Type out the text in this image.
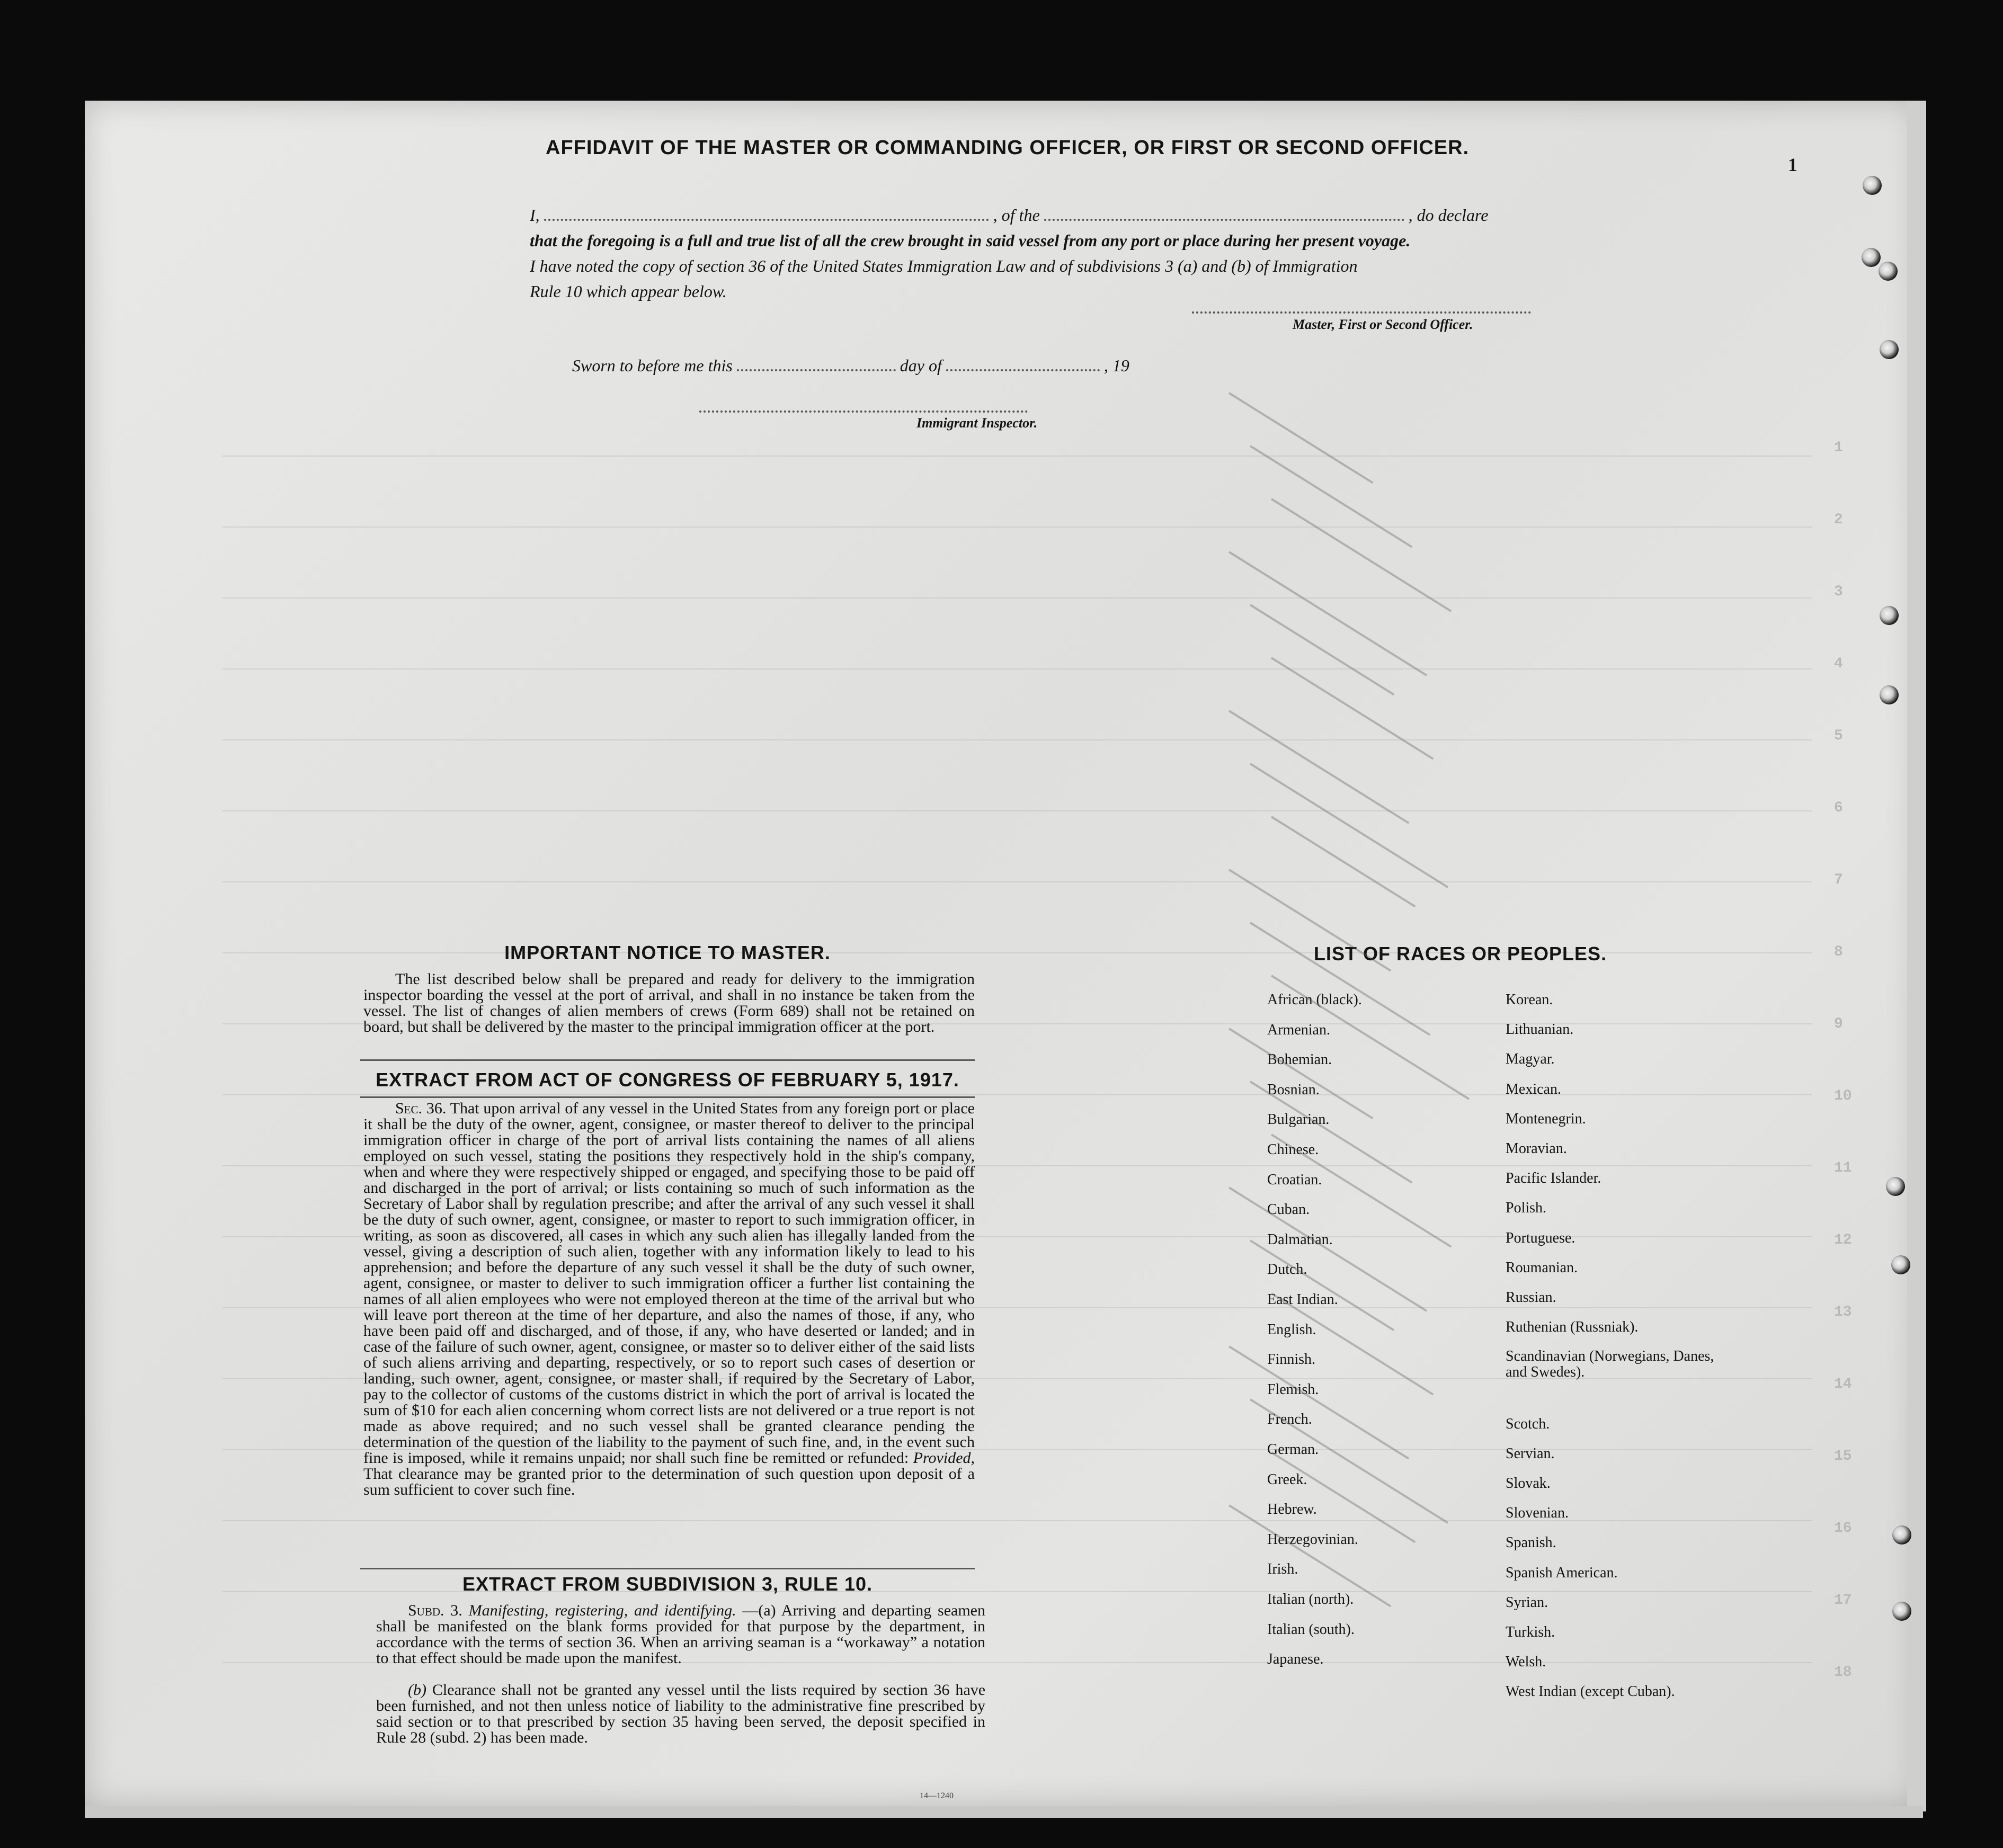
AFFIDAVIT OF THE MASTER OR COMMANDING OFFICER, OR FIRST OR SECOND OFFICER.
I,	, of the	, do declare
that the foregoing is a full and true list of all the crew brought in said vessel from any port or place during her present voyage.
I have noted the copy of section 36 of the United States Immigration Law and of subdivisions 3 (a) and (b) of Immigration
Rule 10 which appear below.
Master, First or Second Officer.
Sworn to before me this	day of	, 19
Immigrant Inspector.
IMPORTANT NOTICE TO MASTER.
The list described below shall be prepared and ready for delivery to the immigration inspector boarding the vessel at the port of arrival, and shall in no instance be taken from the vessel. The list of changes of alien members of crews (Form 689) shall not be retained on board, but shall be delivered by the master to the principal immigration officer at the port.
EXTRACT FROM ACT OF CONGRESS OF FEBRUARY 5, 1917.
Sec. 36. That upon arrival of any vessel in the United States from any foreign port or place it shall be the duty of the owner, agent, consignee, or master thereof to deliver to the principal immigration officer in charge of the port of arrival lists containing the names of all aliens employed on such vessel, stating the positions they respectively hold in the ship's company, when and where they were respectively shipped or engaged, and specifying those to be paid off and discharged in the port of arrival; or lists containing so much of such information as the Secretary of Labor shall by regulation prescribe; and after the arrival of any such vessel it shall be the duty of such owner, agent, consignee, or master to report to such immigration officer, in writing, as soon as discovered, all cases in which any such alien has illegally landed from the vessel, giving a description of such alien, together with any information likely to lead to his apprehension; and before the departure of any such vessel it shall be the duty of such owner, agent, consignee, or master to deliver to such immigration officer a further list containing the names of all alien employees who were not employed thereon at the time of the arrival but who will leave port thereon at the time of her departure, and also the names of those, if any, who have been paid off and discharged, and of those, if any, who have deserted or landed; and in case of the failure of such owner, agent, consignee, or master so to deliver either of the said lists of such aliens arriving and departing, respectively, or so to report such cases of desertion or landing, such owner, agent, consignee, or master shall, if required by the Secretary of Labor, pay to the collector of customs of the customs district in which the port of arrival is located the sum of $10 for each alien concerning whom correct lists are not delivered or a true report is not made as above required; and no such vessel shall be granted clearance pending the determination of the question of the liability to the payment of such fine, and, in the event such fine is imposed, while it remains unpaid; nor shall such fine be remitted or refunded: Provided, That clearance may be granted prior to the determination of such question upon deposit of a sum sufficient to cover such fine.
EXTRACT FROM SUBDIVISION 3, RULE 10.
Subd. 3. Manifesting, registering, and identifying. —(a) Arriving and departing seamen shall be manifested on the blank forms provided for that purpose by the department, in accordance with the terms of section 36. When an arriving seaman is a “workaway” a notation to that effect should be made upon the manifest.
(b) Clearance shall not be granted any vessel until the lists required by section 36 have been furnished, and not then unless notice of liability to the administrative fine prescribed by said section or to that prescribed by section 35 having been served, the deposit specified in Rule 28 (subd. 2) has been made.
14—1240
LIST OF RACES OR PEOPLES.
African (black).
Armenian.
Bohemian.
Bosnian.
Bulgarian.
Chinese.
Croatian.
Cuban.
Dalmatian.
Dutch.
East Indian.
English.
Finnish.
Flemish.
French.
German.
Greek.
Hebrew.
Herzegovinian.
Irish.
Italian (north).
Italian (south).
Japanese.
Korean.
Lithuanian.
Magyar.
Mexican.
Montenegrin.
Moravian.
Pacific Islander.
Polish.
Portuguese.
Roumanian.
Russian.
Ruthenian (Russniak).
Scandinavian (Norwegians, Danes, and Swedes).
Scotch.
Servian.
Slovak.
Slovenian.
Spanish.
Spanish American.
Syrian.
Turkish.
Welsh.
West Indian (except Cuban).
1
1
2
3
4
5
6
7
8
9
10
11
12
13
14
15
16
17
18
